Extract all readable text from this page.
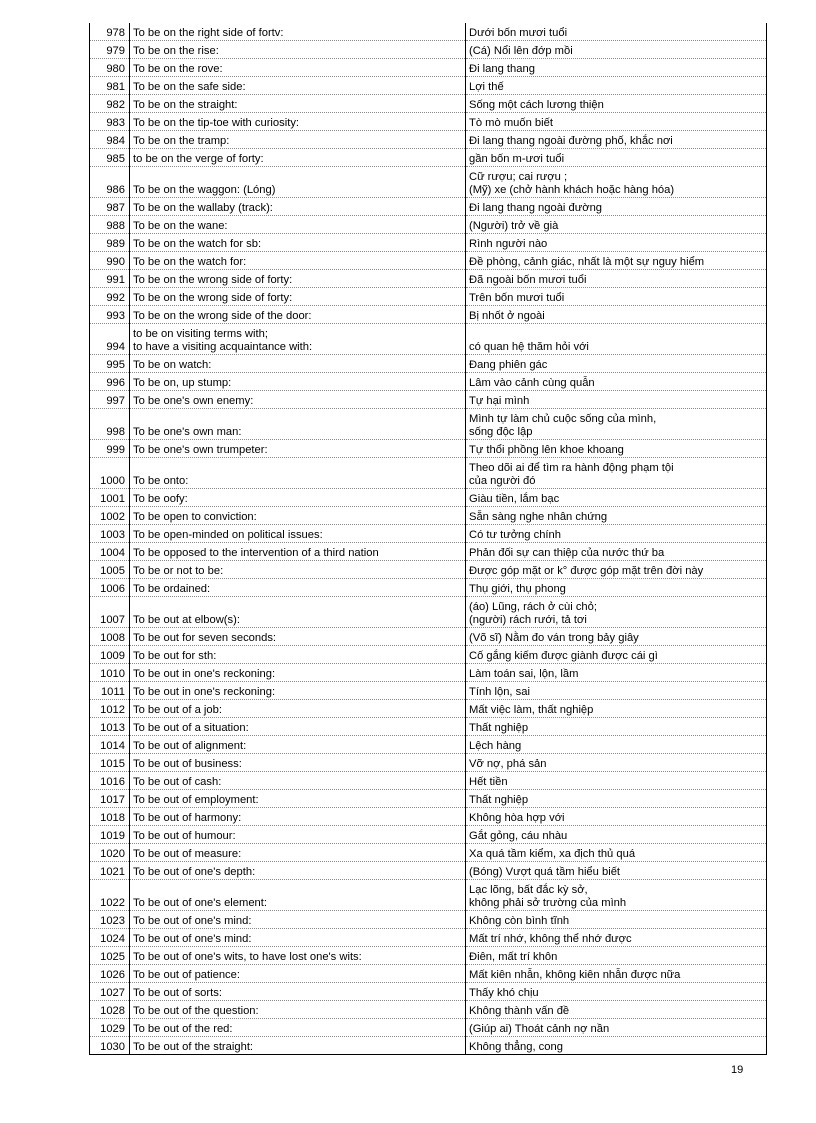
978	To be on the right side of fortv:	Dưới bốn mươi tuổi
979	To be on the rise:	(Cá) Nổi lên đớp mồi
980	To be on the rove:	Đi lang thang
981	To be on the safe side:	Lợi thế
982	To be on the straight:	Sống một cách lương thiện
983	To be on the tip-toe with curiosity:	Tò mò muốn biết
984	To be on the tramp:	Đi lang thang ngoài đường phố, khắc nơi
985	to be on the verge of forty:	gần bốn m-ươi tuổi
986	To be on the waggon: (Lóng)	Cữ rượu; cai rượu ;
(Mỹ) xe (chở hành khách hoặc hàng hóa)
987	To be on the wallaby (track):	Đi lang thang ngoài đường
988	To be on the wane:	(Người) trở về già
989	To be on the watch for sb:	Rình người nào
990	To be on the watch for:	Đề phòng, cảnh giác, nhất là một sự nguy hiểm
991	To be on the wrong side of forty:	Đã ngoài bốn mươi tuổi
992	To be on the wrong side of forty:	Trên bốn mươi tuổi
993	To be on the wrong side of the door:	Bị nhốt ở ngoài
994	to be on visiting terms with;
to have a visiting acquaintance with:	có quan hệ thăm hỏi với
995	To be on watch:	Đang phiên gác
996	To be on, up stump:	Lâm vào cảnh cùng quẫn
997	To be one's own enemy:	Tự hại mình
998	To be one's own man:	Mình tự làm chủ cuộc sống của mình,
sống độc lập
999	To be one's own trumpeter:	Tự thổi phồng lên khoe khoang
1000	To be onto:	Theo dõi ai để tìm ra hành động phạm tội
của người đó
1001	To be oofy:	Giàu tiền, lắm bạc
1002	To be open to conviction:	Sẵn sàng nghe nhân chứng
1003	To be open-minded on political issues:	Có tư tưởng chính
1004	To be opposed to the intervention of a third nation	Phản đối sự can thiệp của nước thứ ba
1005	To be or not to be:	Được góp mặt or k° được góp mặt trên đời này
1006	To be ordained:	Thụ giới, thụ phong
1007	To be out at elbow(s):	(áo) Lũng, rách ở cùi chỏ;
(người) rách rưới, tả tơi
1008	To be out for seven seconds:	(Võ sĩ) Nằm đo ván trong bảy giây
1009	To be out for sth:	Cố gắng kiếm được giành được cái gì
1010	To be out in one's reckoning:	Làm toán sai, lộn, lầm
1011	To be out in one's reckoning:	Tính lộn, sai
1012	To be out of a job:	Mất việc làm, thất nghiệp
1013	To be out of a situation:	Thất nghiệp
1014	To be out of alignment:	Lệch hàng
1015	To be out of business:	Vỡ nợ, phá sản
1016	To be out of cash:	Hết tiền
1017	To be out of employment:	Thất nghiệp
1018	To be out of harmony:	Không hòa hợp với
1019	To be out of humour:	Gắt gỏng, cáu nhàu
1020	To be out of measure:	Xa quá tầm kiểm, xa địch thủ quá
1021	To be out of one's depth:	(Bóng) Vượt quá tầm hiểu biết
1022	To be out of one's element:	Lạc lõng, bất đắc kỳ sở,
không phải sở trường của mình
1023	To be out of one's mind:	Không còn bình tĩnh
1024	To be out of one's mind:	Mất trí nhớ, không thể nhớ được
1025	To be out of one's wits, to have lost one's wits:	Điên, mất trí khôn
1026	To be out of patience:	Mất kiên nhẫn, không kiên nhẫn được nữa
1027	To be out of sorts:	Thấy khó chịu
1028	To be out of the question:	Không thành vấn đề
1029	To be out of the red:	(Giúp ai) Thoát cảnh nợ nần
1030	To be out of the straight:	Không thẳng, cong
19
